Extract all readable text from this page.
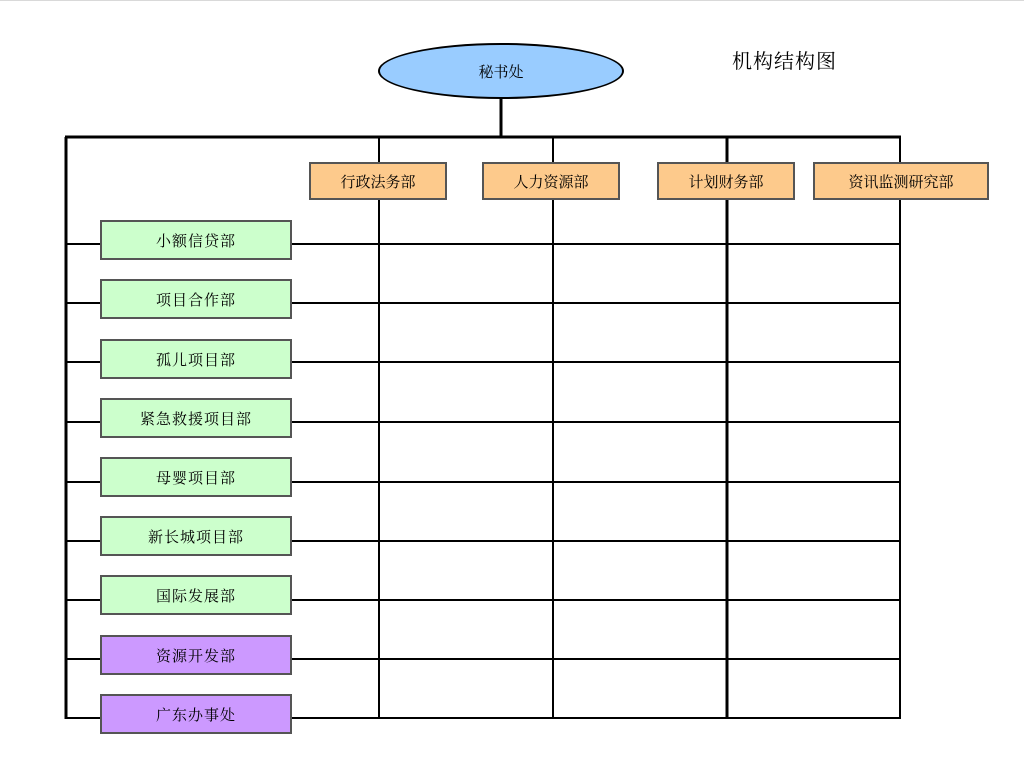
机构结构图
秘书处
行政法务部	人力资源部	计划财务部	资讯监测研究部
小额信贷部
项目合作部
孤儿项目部
紧急救援项目部
母婴项目部
新长城项目部
国际发展部
资源开发部
广东办事处
